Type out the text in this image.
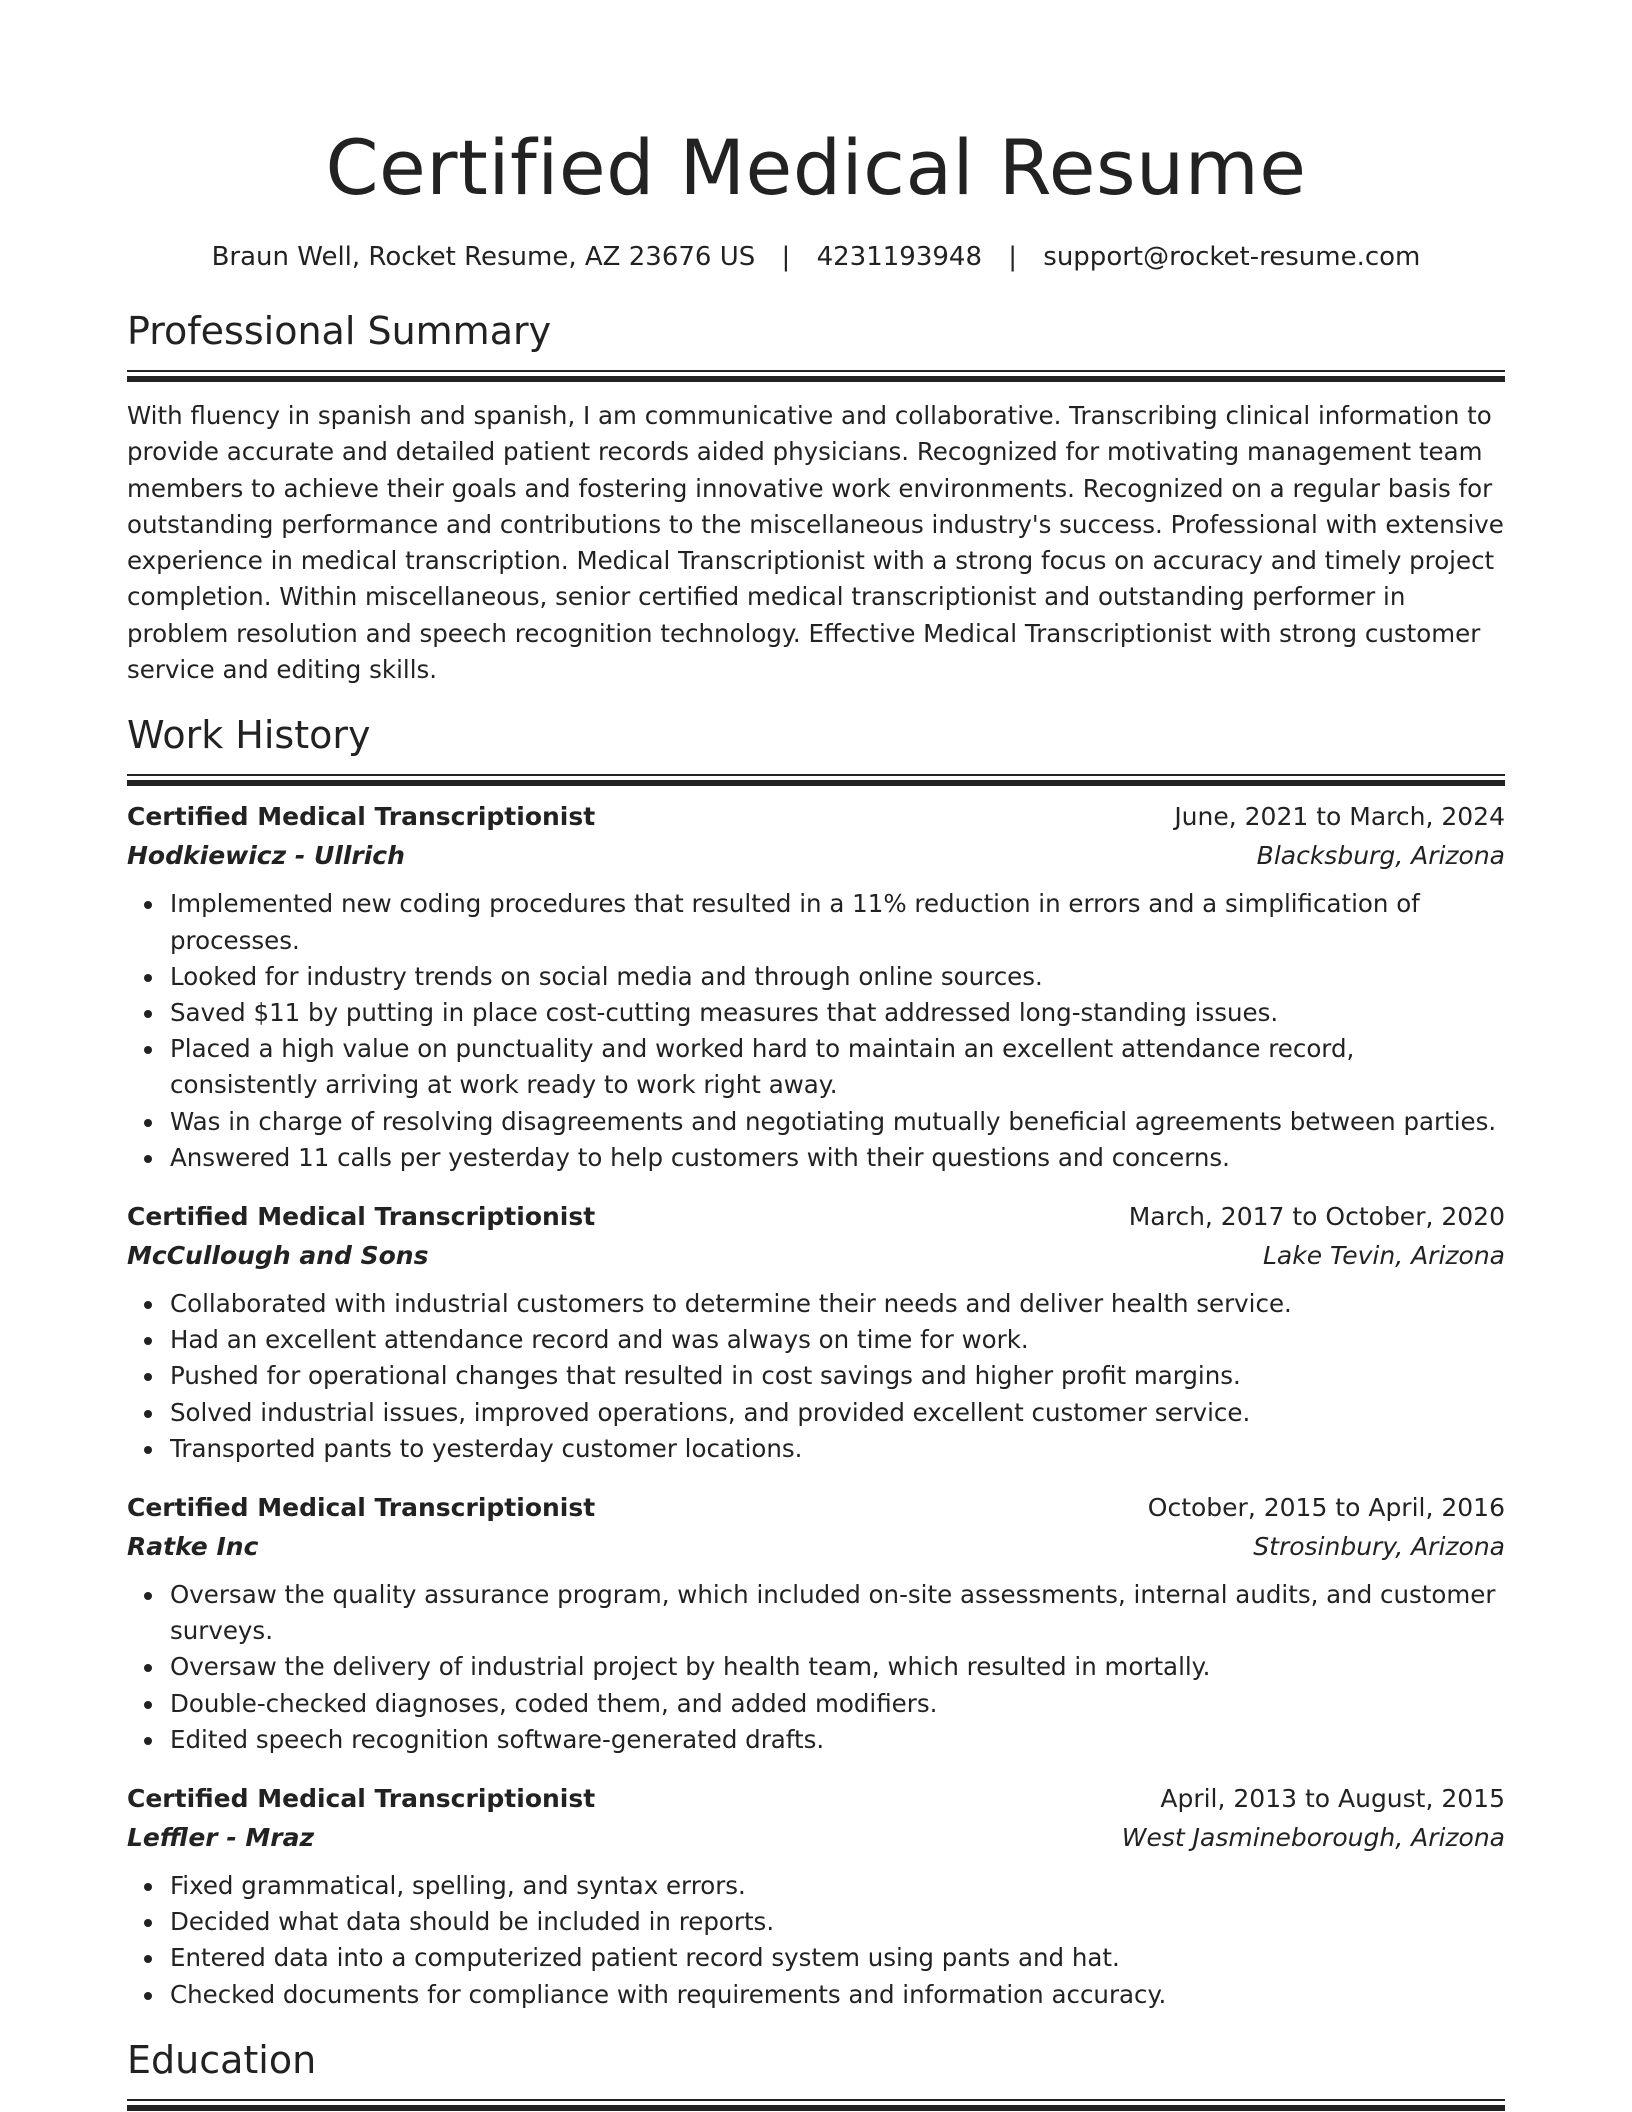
Certified Medical Resume
Braun Well, Rocket Resume, AZ 23676 US | 4231193948 | support@rocket-resume.com
Professional Summary

With fluency in spanish and spanish, I am communicative and collaborative. Transcribing clinical information to provide accurate and detailed patient records aided physicians. Recognized for motivating management team members to achieve their goals and fostering innovative work environments. Recognized on a regular basis for outstanding performance and contributions to the miscellaneous industry's success. Professional with extensive experience in medical transcription. Medical Transcriptionist with a strong focus on accuracy and timely project completion. Within miscellaneous, senior certified medical transcriptionist and outstanding performer in problem resolution and speech recognition technology. Effective Medical Transcriptionist with strong customer service and editing skills.

Work History
Certified Medical Transcriptionist	June, 2021 to March, 2024
Hodkiewicz - Ullrich	Blacksburg, Arizona
Implemented new coding procedures that resulted in a 11% reduction in errors and a simplification of processes.
Looked for industry trends on social media and through online sources.
Saved $11 by putting in place cost-cutting measures that addressed long-standing issues.
Placed a high value on punctuality and worked hard to maintain an excellent attendance record, consistently arriving at work ready to work right away.
Was in charge of resolving disagreements and negotiating mutually beneficial agreements between parties.
Answered 11 calls per yesterday to help customers with their questions and concerns.
Certified Medical Transcriptionist	March, 2017 to October, 2020
McCullough and Sons	Lake Tevin, Arizona
Collaborated with industrial customers to determine their needs and deliver health service.
Had an excellent attendance record and was always on time for work.
Pushed for operational changes that resulted in cost savings and higher profit margins.
Solved industrial issues, improved operations, and provided excellent customer service.
Transported pants to yesterday customer locations.
Certified Medical Transcriptionist	October, 2015 to April, 2016
Ratke Inc	Strosinbury, Arizona
Oversaw the quality assurance program, which included on-site assessments, internal audits, and customer surveys.
Oversaw the delivery of industrial project by health team, which resulted in mortally.
Double-checked diagnoses, coded them, and added modifiers.
Edited speech recognition software-generated drafts.
Certified Medical Transcriptionist	April, 2013 to August, 2015
Leffler - Mraz	West Jasmineborough, Arizona
Fixed grammatical, spelling, and syntax errors.
Decided what data should be included in reports.
Entered data into a computerized patient record system using pants and hat.
Checked documents for compliance with requirements and information accuracy.
Education
